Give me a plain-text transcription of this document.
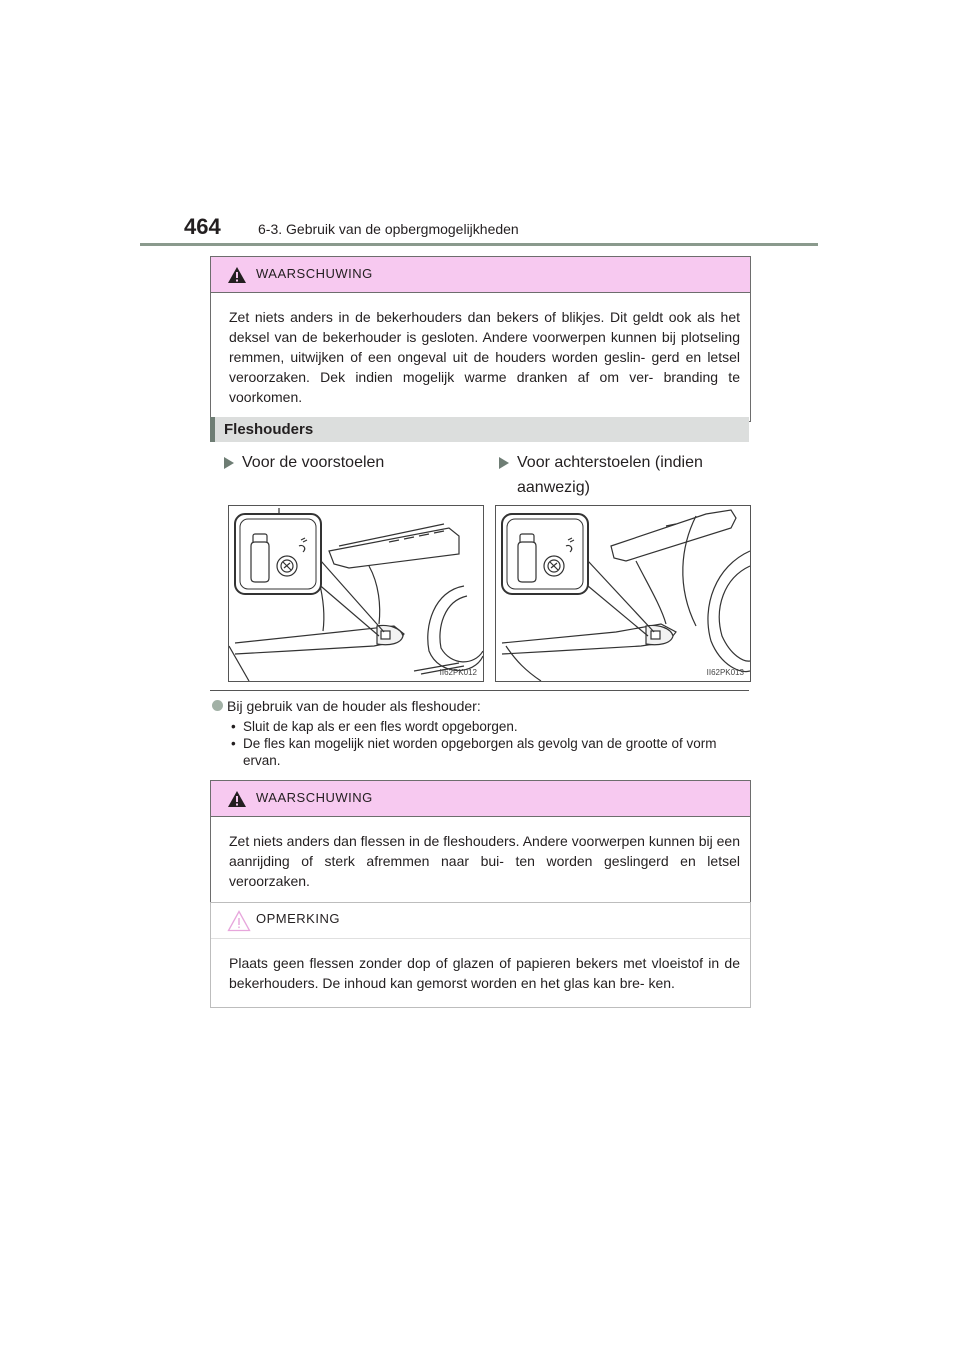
464	6-3. Gebruik van de opbergmogelijkheden
WAARSCHUWING
Zet niets anders in de bekerhouders dan bekers of blikjes. Dit geldt ook als het deksel van de bekerhouder is gesloten. Andere voorwerpen kunnen bij plotseling remmen, uitwijken of een ongeval uit de houders worden geslin- gerd en letsel veroorzaken. Dek indien mogelijk warme dranken af om ver- branding te voorkomen.
Fleshouders
Voor de voorstoelen	Voor achterstoelen (indien aanwezig)
II62PK012	II62PK013
Bij gebruik van de houder als fleshouder:
• Sluit de kap als er een fles wordt opgeborgen.
• De fles kan mogelijk niet worden opgeborgen als gevolg van de grootte of vorm ervan.
WAARSCHUWING
Zet niets anders dan flessen in de fleshouders. Andere voorwerpen kunnen bij een aanrijding of sterk afremmen naar bui- ten worden geslingerd en letsel veroorzaken.
OPMERKING
Plaats geen flessen zonder dop of glazen of papieren bekers met vloeistof in de bekerhouders. De inhoud kan gemorst worden en het glas kan bre- ken.
